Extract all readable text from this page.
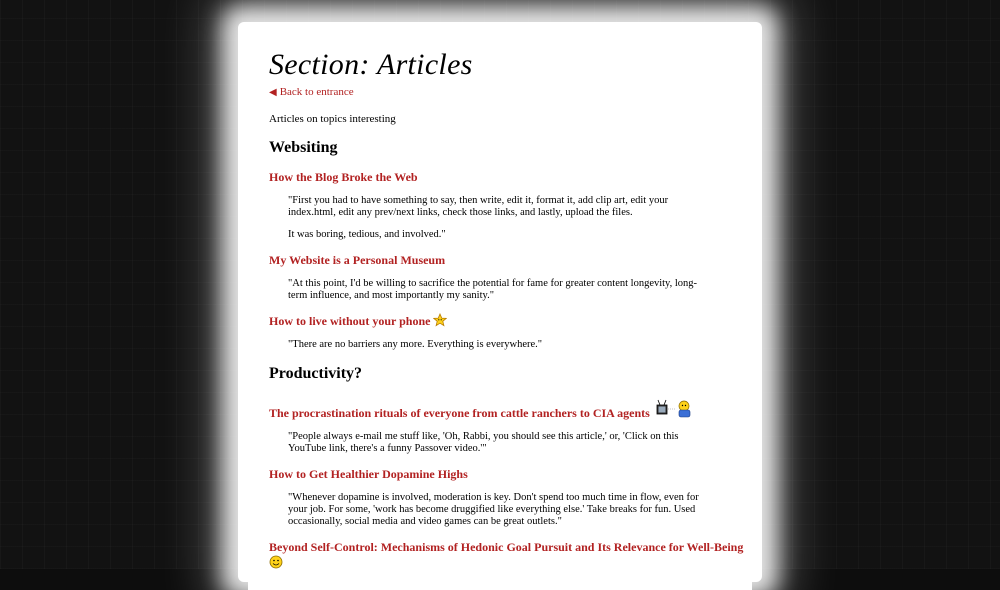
Section: Articles
◀ Back to entrance

Articles on topics interesting

Websiting
How the Blog Broke the Web

"First you had to have something to say, then write, edit it, format it, add clip art, edit your index.html, edit any prev/next links, check those links, and lastly, upload the files.

It was boring, tedious, and involved."

My Website is a Personal Museum

"At this point, I'd be willing to sacrifice the potential for fame for greater content longevity, long-term influence, and most importantly my sanity."

How to live without your phone

"There are no barriers any more. Everything is everywhere."

Productivity?
The procrastination rituals of everyone from cattle ranchers to CIA agents

"People always e-mail me stuff like, 'Oh, Rabbi, you should see this article,' or, 'Click on this YouTube link, there's a funny Passover video.'"

How to Get Healthier Dopamine Highs

"Whenever dopamine is involved, moderation is key. Don't spend too much time in flow, even for your job. For some, 'work has become druggified like everything else.' Take breaks for fun. Used occasionally, social media and video games can be great outlets."

Beyond Self-Control: Mechanisms of Hedonic Goal Pursuit and Its Relevance for Well-Being
